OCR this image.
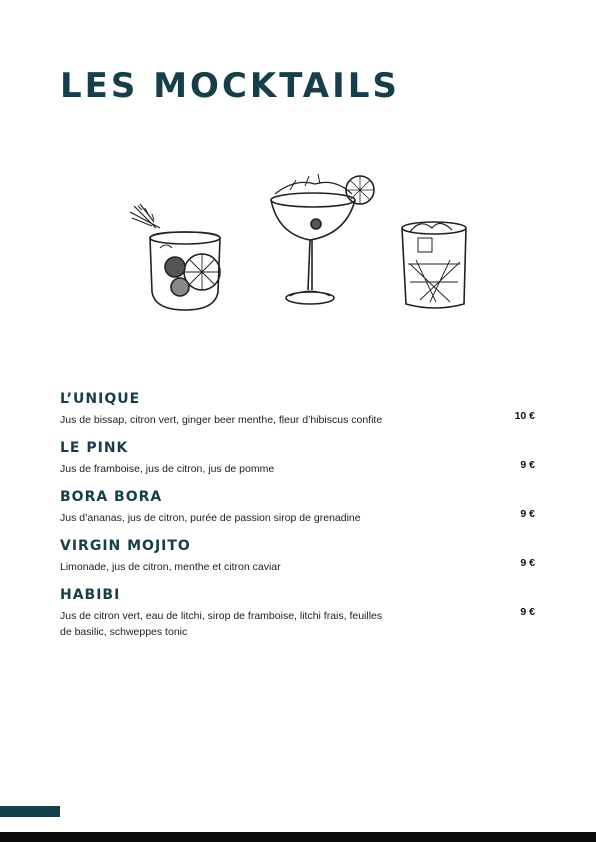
LES MOCKTAILS

L’UNIQUE

Jus de bissap, citron vert, ginger beer menthe, fleur d’hibiscus confite	10 €

LE PINK

Jus de framboise, jus de citron, jus de pomme	9 €

BORA BORA

Jus d’ananas, jus de citron, purée de passion sirop de grenadine	9 €

VIRGIN MOJITO

Limonade, jus de citron, menthe et citron caviar	9 €

HABIBI

Jus de citron vert, eau de litchi, sirop de framboise, litchi frais, feuilles de basilic, schweppes tonic

9 €
